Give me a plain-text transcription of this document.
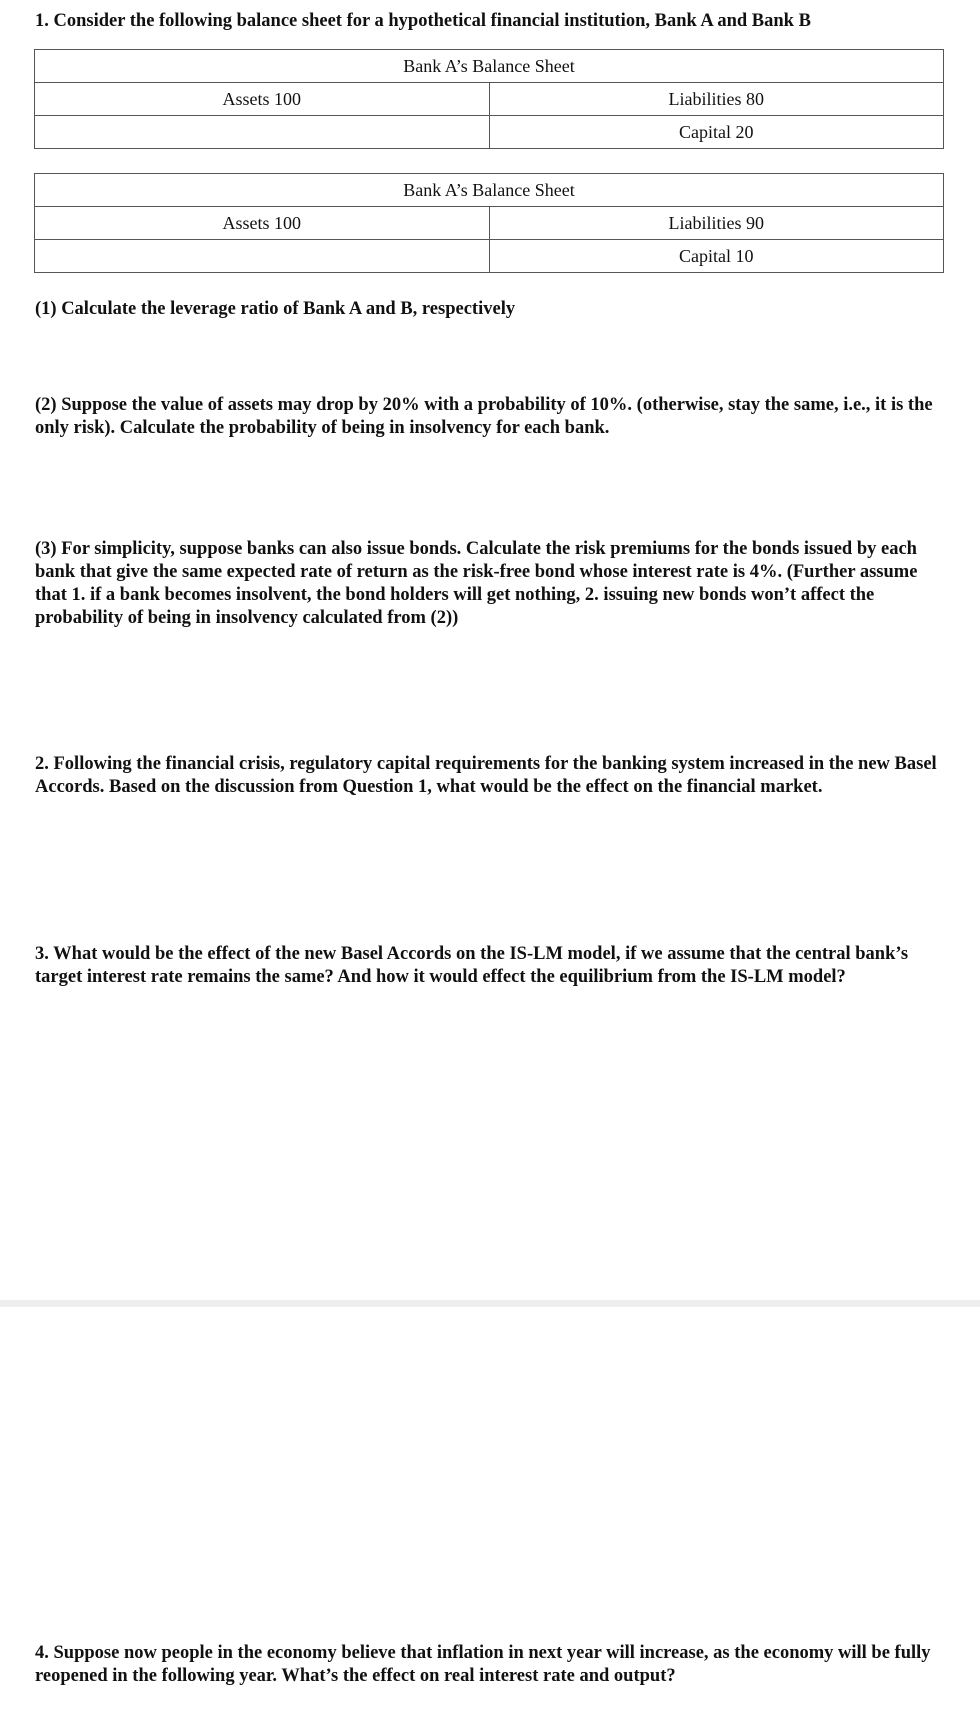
1. Consider the following balance sheet for a hypothetical financial institution, Bank A and Bank B

Bank A’s Balance Sheet	
Assets 100	Liabilities 80
	Capital 20
Bank A’s Balance Sheet	
Assets 100	Liabilities 90
	Capital 10

(1) Calculate the leverage ratio of Bank A and B, respectively

(2) Suppose the value of assets may drop by 20% with a probability of 10%. (otherwise, stay the same, i.e., it is the only risk). Calculate the probability of being in insolvency for each bank.

(3) For simplicity, suppose banks can also issue bonds. Calculate the risk premiums for the bonds issued by each bank that give the same expected rate of return as the risk-free bond whose interest rate is 4%. (Further assume that 1. if a bank becomes insolvent, the bond holders will get nothing, 2. issuing new bonds won’t affect the probability of being in insolvency calculated from (2))

2. Following the financial crisis, regulatory capital requirements for the banking system increased in the new Basel Accords. Based on the discussion from Question 1, what would be the effect on the financial market.

3. What would be the effect of the new Basel Accords on the IS-LM model, if we assume that the central bank’s target interest rate remains the same? And how it would effect the equilibrium from the IS-LM model?

4. Suppose now people in the economy believe that inflation in next year will increase, as the economy will be fully reopened in the following year. What’s the effect on real interest rate and output?
